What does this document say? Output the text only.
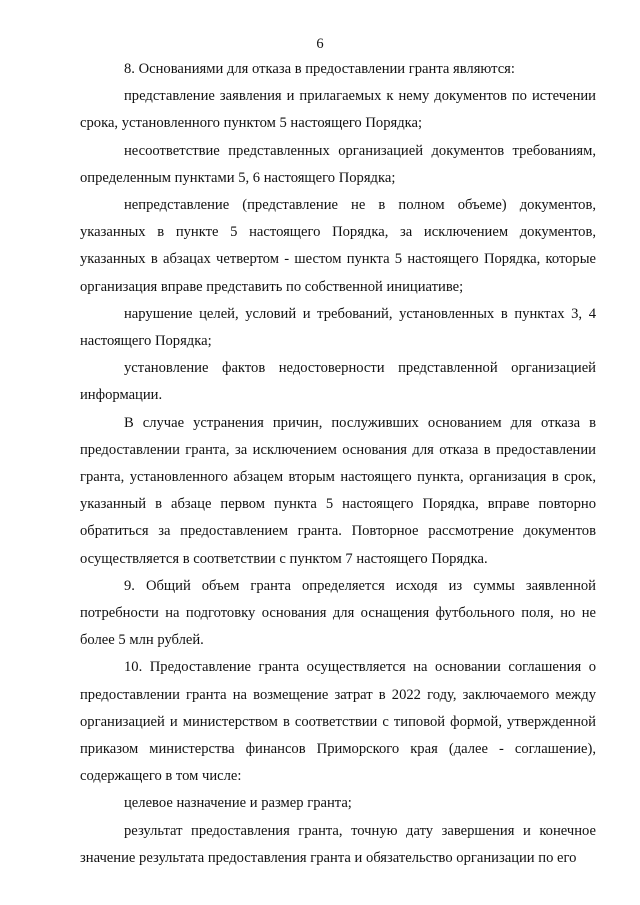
6

8. Основаниями для отказа в предоставлении гранта являются:

представление заявления и прилагаемых к нему документов по истечении срока, установленного пунктом 5 настоящего Порядка;

несоответствие представленных организацией документов требованиям, определенным пунктами 5, 6 настоящего Порядка;

непредставление (представление не в полном объеме) документов, указанных в пункте 5 настоящего Порядка, за исключением документов, указанных в абзацах четвертом - шестом пункта 5 настоящего Порядка, которые организация вправе представить по собственной инициативе;

нарушение целей, условий и требований, установленных в пунктах 3, 4 настоящего Порядка;

установление фактов недостоверности представленной организацией информации.

В случае устранения причин, послуживших основанием для отказа в предоставлении гранта, за исключением основания для отказа в предоставлении гранта, установленного абзацем вторым настоящего пункта, организация в срок, указанный в абзаце первом пункта 5 настоящего Порядка, вправе повторно обратиться за предоставлением гранта. Повторное рассмотрение документов осуществляется в соответствии с пунктом 7 настоящего Порядка.

9. Общий объем гранта определяется исходя из суммы заявленной потребности на подготовку основания для оснащения футбольного поля, но не более 5 млн рублей.

10. Предоставление гранта осуществляется на основании соглашения о предоставлении гранта на возмещение затрат в 2022 году, заключаемого между организацией и министерством в соответствии с типовой формой, утвержденной приказом министерства финансов Приморского края (далее - соглашение), содержащего в том числе:

целевое назначение и размер гранта;

результат предоставления гранта, точную дату завершения и конечное значение результата предоставления гранта и обязательство организации по его
